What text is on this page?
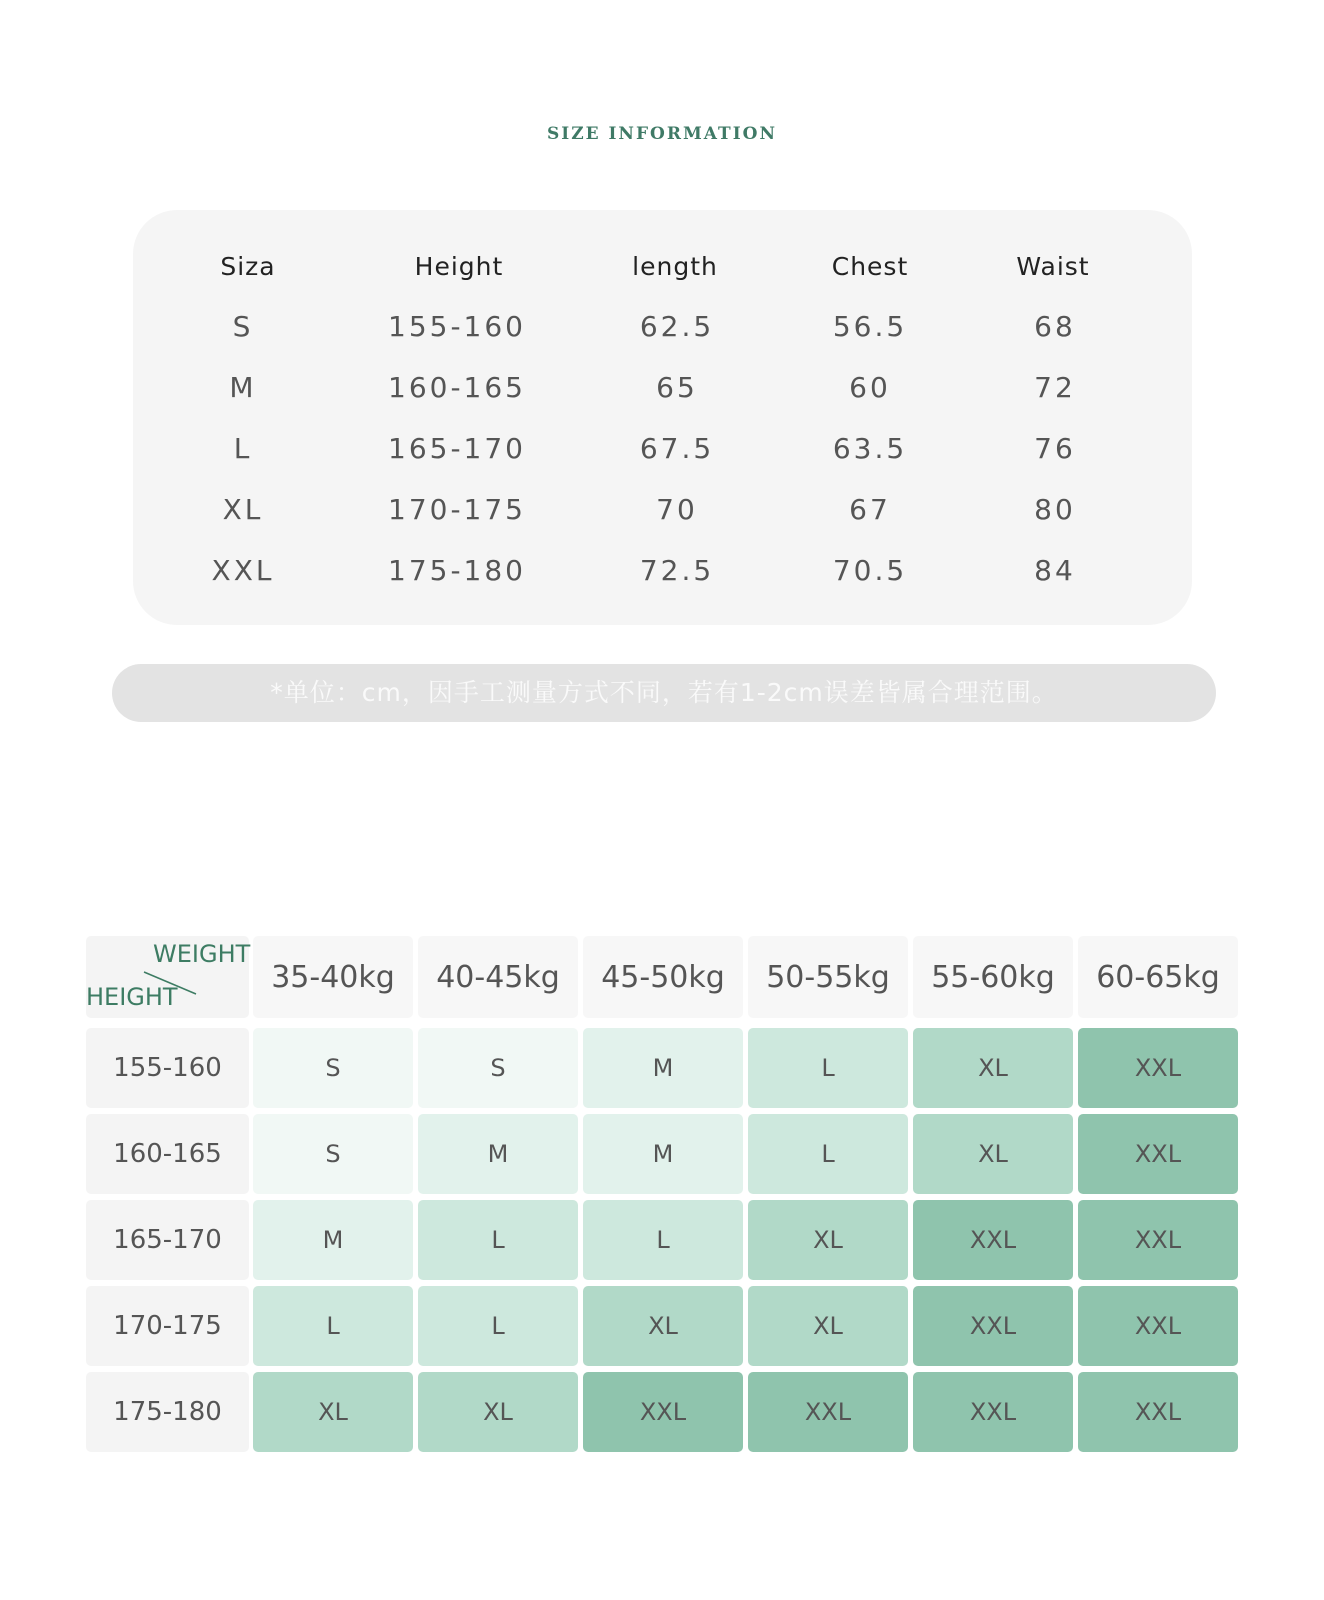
SIZE INFORMATION
Siza	Height	length	Chest	Waist
S	155-160	62.5	56.5	68
M	160-165	65	60	72
L	165-170	67.5	63.5	76
XL	170-175	70	67	80
XXL	175-180	72.5	70.5	84
*单位：cm，因手工测量方式不同，若有1-2cm误差皆属合理范围。
WEIGHT
HEIGHT
35-40kg	40-45kg	45-50kg	50-55kg	55-60kg	60-65kg
155-160	S	S	M	L	XL	XXL
160-165	S	M	M	L	XL	XXL
165-170	M	L	L	XL	XXL	XXL
170-175	L	L	XL	XL	XXL	XXL
175-180	XL	XL	XXL	XXL	XXL	XXL
